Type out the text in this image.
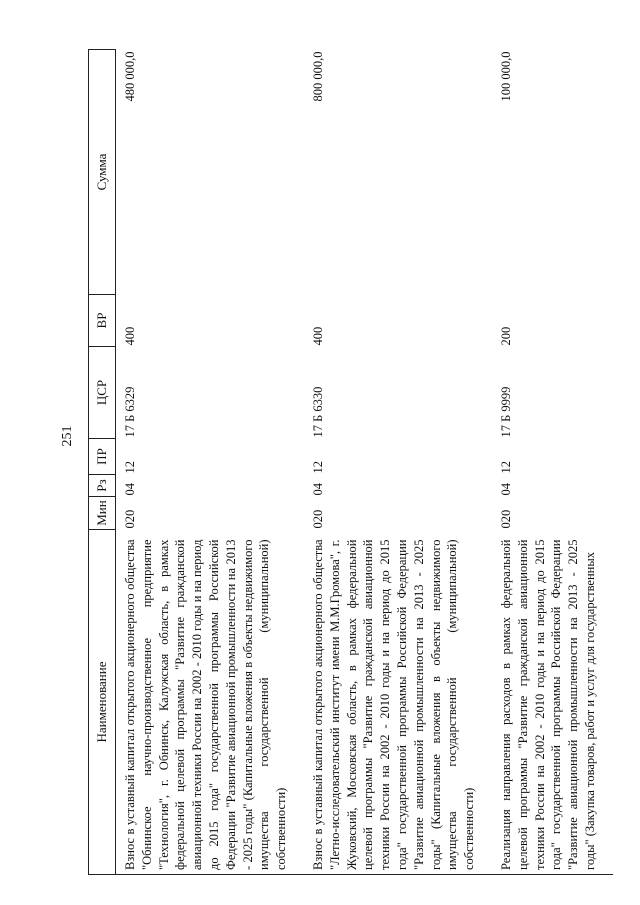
251
Наименование	Мин	Рз	ПР	ЦСР	ВР	Сумма
Взнос в уставный капитал открытого акционерного общества "Обнинское научно-производственное предприятие "Технология", г. Обнинск, Калужская область, в рамках федеральной целевой программы "Развитие гражданской авиационной техники России на 2002 - 2010 годы и на период до 2015 года" государственной программы Российской Федерации "Развитие авиационной промышленности на 2013 - 2025 годы" (Капитальные вложения в объекты недвижимого имущества государственной (муниципальной) собственности)	020	04	12	17 Б 6329	400	480 000,0
Взнос в уставный капитал открытого акционерного общества "Летно-исследовательский институт имени М.М.Громова", г. Жуковский, Московская область, в рамках федеральной целевой программы "Развитие гражданской авиационной техники России на 2002 - 2010 годы и на период до 2015 года" государственной программы Российской Федерации "Развитие авиационной промышленности на 2013 - 2025 годы" (Капитальные вложения в объекты недвижимого имущества государственной (муниципальной) собственности)	020	04	12	17 Б 6330	400	800 000,0
Реализация направления расходов в рамках федеральной целевой программы "Развитие гражданской авиационной техники России на 2002 - 2010 годы и на период до 2015 года" государственной программы Российской Федерации "Развитие авиационной промышленности на 2013 - 2025 годы" (Закупка товаров, работ и услуг для государственных	020	04	12	17 Б 9999	200	100 000,0
